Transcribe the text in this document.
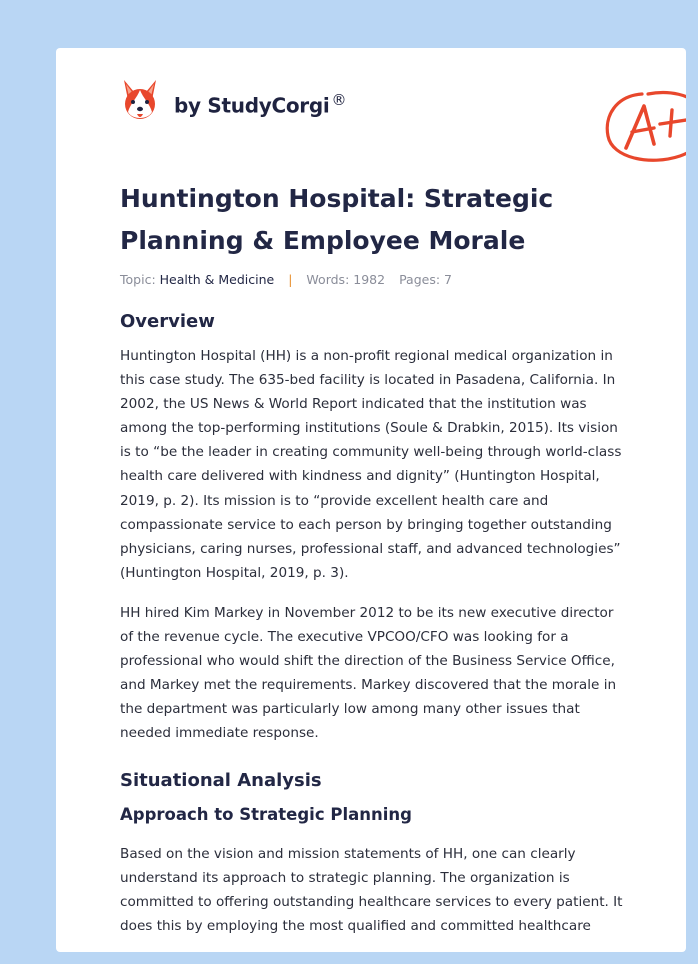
by StudyCorgi ®
Huntington Hospital: Strategic Planning & Employee Morale
Topic: Health & Medicine | Words: 1982 Pages: 7
Overview

Huntington Hospital (HH) is a non-profit regional medical organization in this case study. The 635-bed facility is located in Pasadena, California. In 2002, the US News & World Report indicated that the institution was among the top-performing institutions (Soule & Drabkin, 2015). Its vision is to “be the leader in creating community well-being through world-class health care delivered with kindness and dignity” (Huntington Hospital, 2019, p. 2). Its mission is to “provide excellent health care and compassionate service to each person by bringing together outstanding physicians, caring nurses, professional staff, and advanced technologies” (Huntington Hospital, 2019, p. 3).

HH hired Kim Markey in November 2012 to be its new executive director of the revenue cycle. The executive VPCOO/CFO was looking for a professional who would shift the direction of the Business Service Office, and Markey met the requirements. Markey discovered that the morale in the department was particularly low among many other issues that needed immediate response.

Situational Analysis
Approach to Strategic Planning

Based on the vision and mission statements of HH, one can clearly understand its approach to strategic planning. The organization is committed to offering outstanding healthcare services to every patient. It does this by employing the most qualified and committed healthcare
